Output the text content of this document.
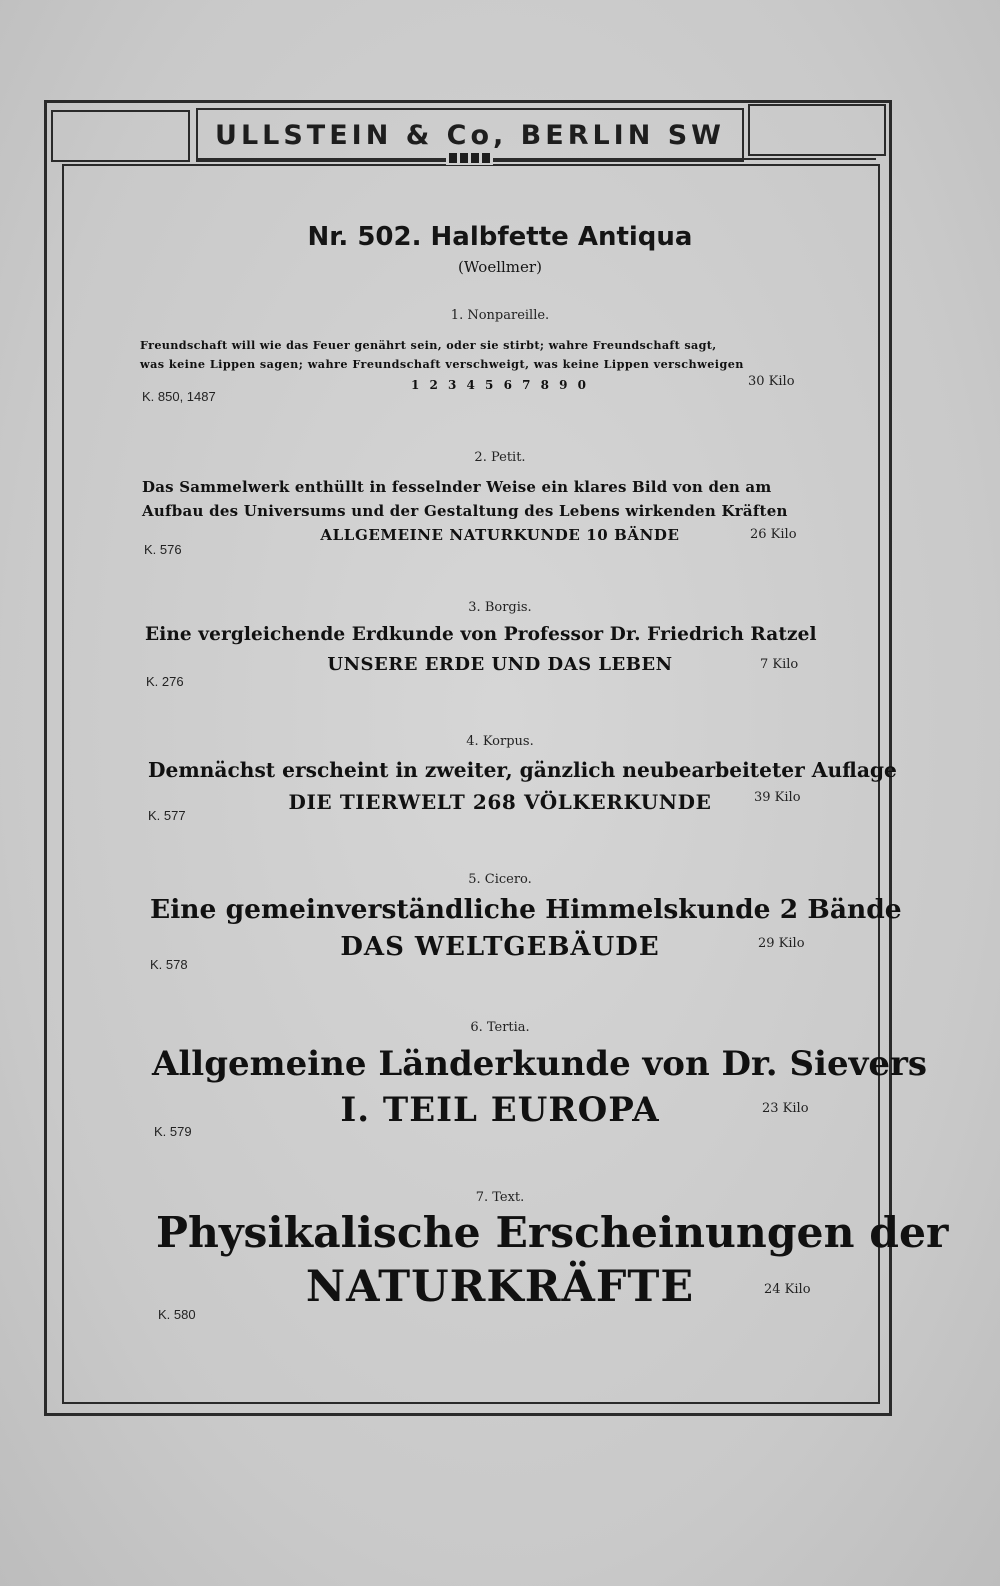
ULLSTEIN & Co, BERLIN SW
Nr. 502. Halbfette Antiqua
(Woellmer)
1. Nonpareille.
Freundschaft will wie das Feuer genährt sein, oder sie stirbt; wahre Freundschaft sagt,
was keine Lippen sagen; wahre Freundschaft verschweigt, was keine Lippen verschweigen
1 2 3 4 5 6 7 8 9 0
K. 850, 1487
30 Kilo
2. Petit.
Das Sammelwerk enthüllt in fesselnder Weise ein klares Bild von den am
Aufbau des Universums und der Gestaltung des Lebens wirkenden Kräften
ALLGEMEINE NATURKUNDE 10 BÄNDE
K. 576
26 Kilo
3. Borgis.
Eine vergleichende Erdkunde von Professor Dr. Friedrich Ratzel
UNSERE ERDE UND DAS LEBEN
K. 276
7 Kilo
4. Korpus.
Demnächst erscheint in zweiter, gänzlich neubearbeiteter Auflage
DIE TIERWELT 268 VÖLKERKUNDE
K. 577
39 Kilo
5. Cicero.
Eine gemeinverständliche Himmelskunde 2 Bände
DAS WELTGEBÄUDE
K. 578
29 Kilo
6. Tertia.
Allgemeine Länderkunde von Dr. Sievers
I. TEIL EUROPA
K. 579
23 Kilo
7. Text.
Physikalische Erscheinungen der
NATURKRÄFTE
K. 580
24 Kilo
